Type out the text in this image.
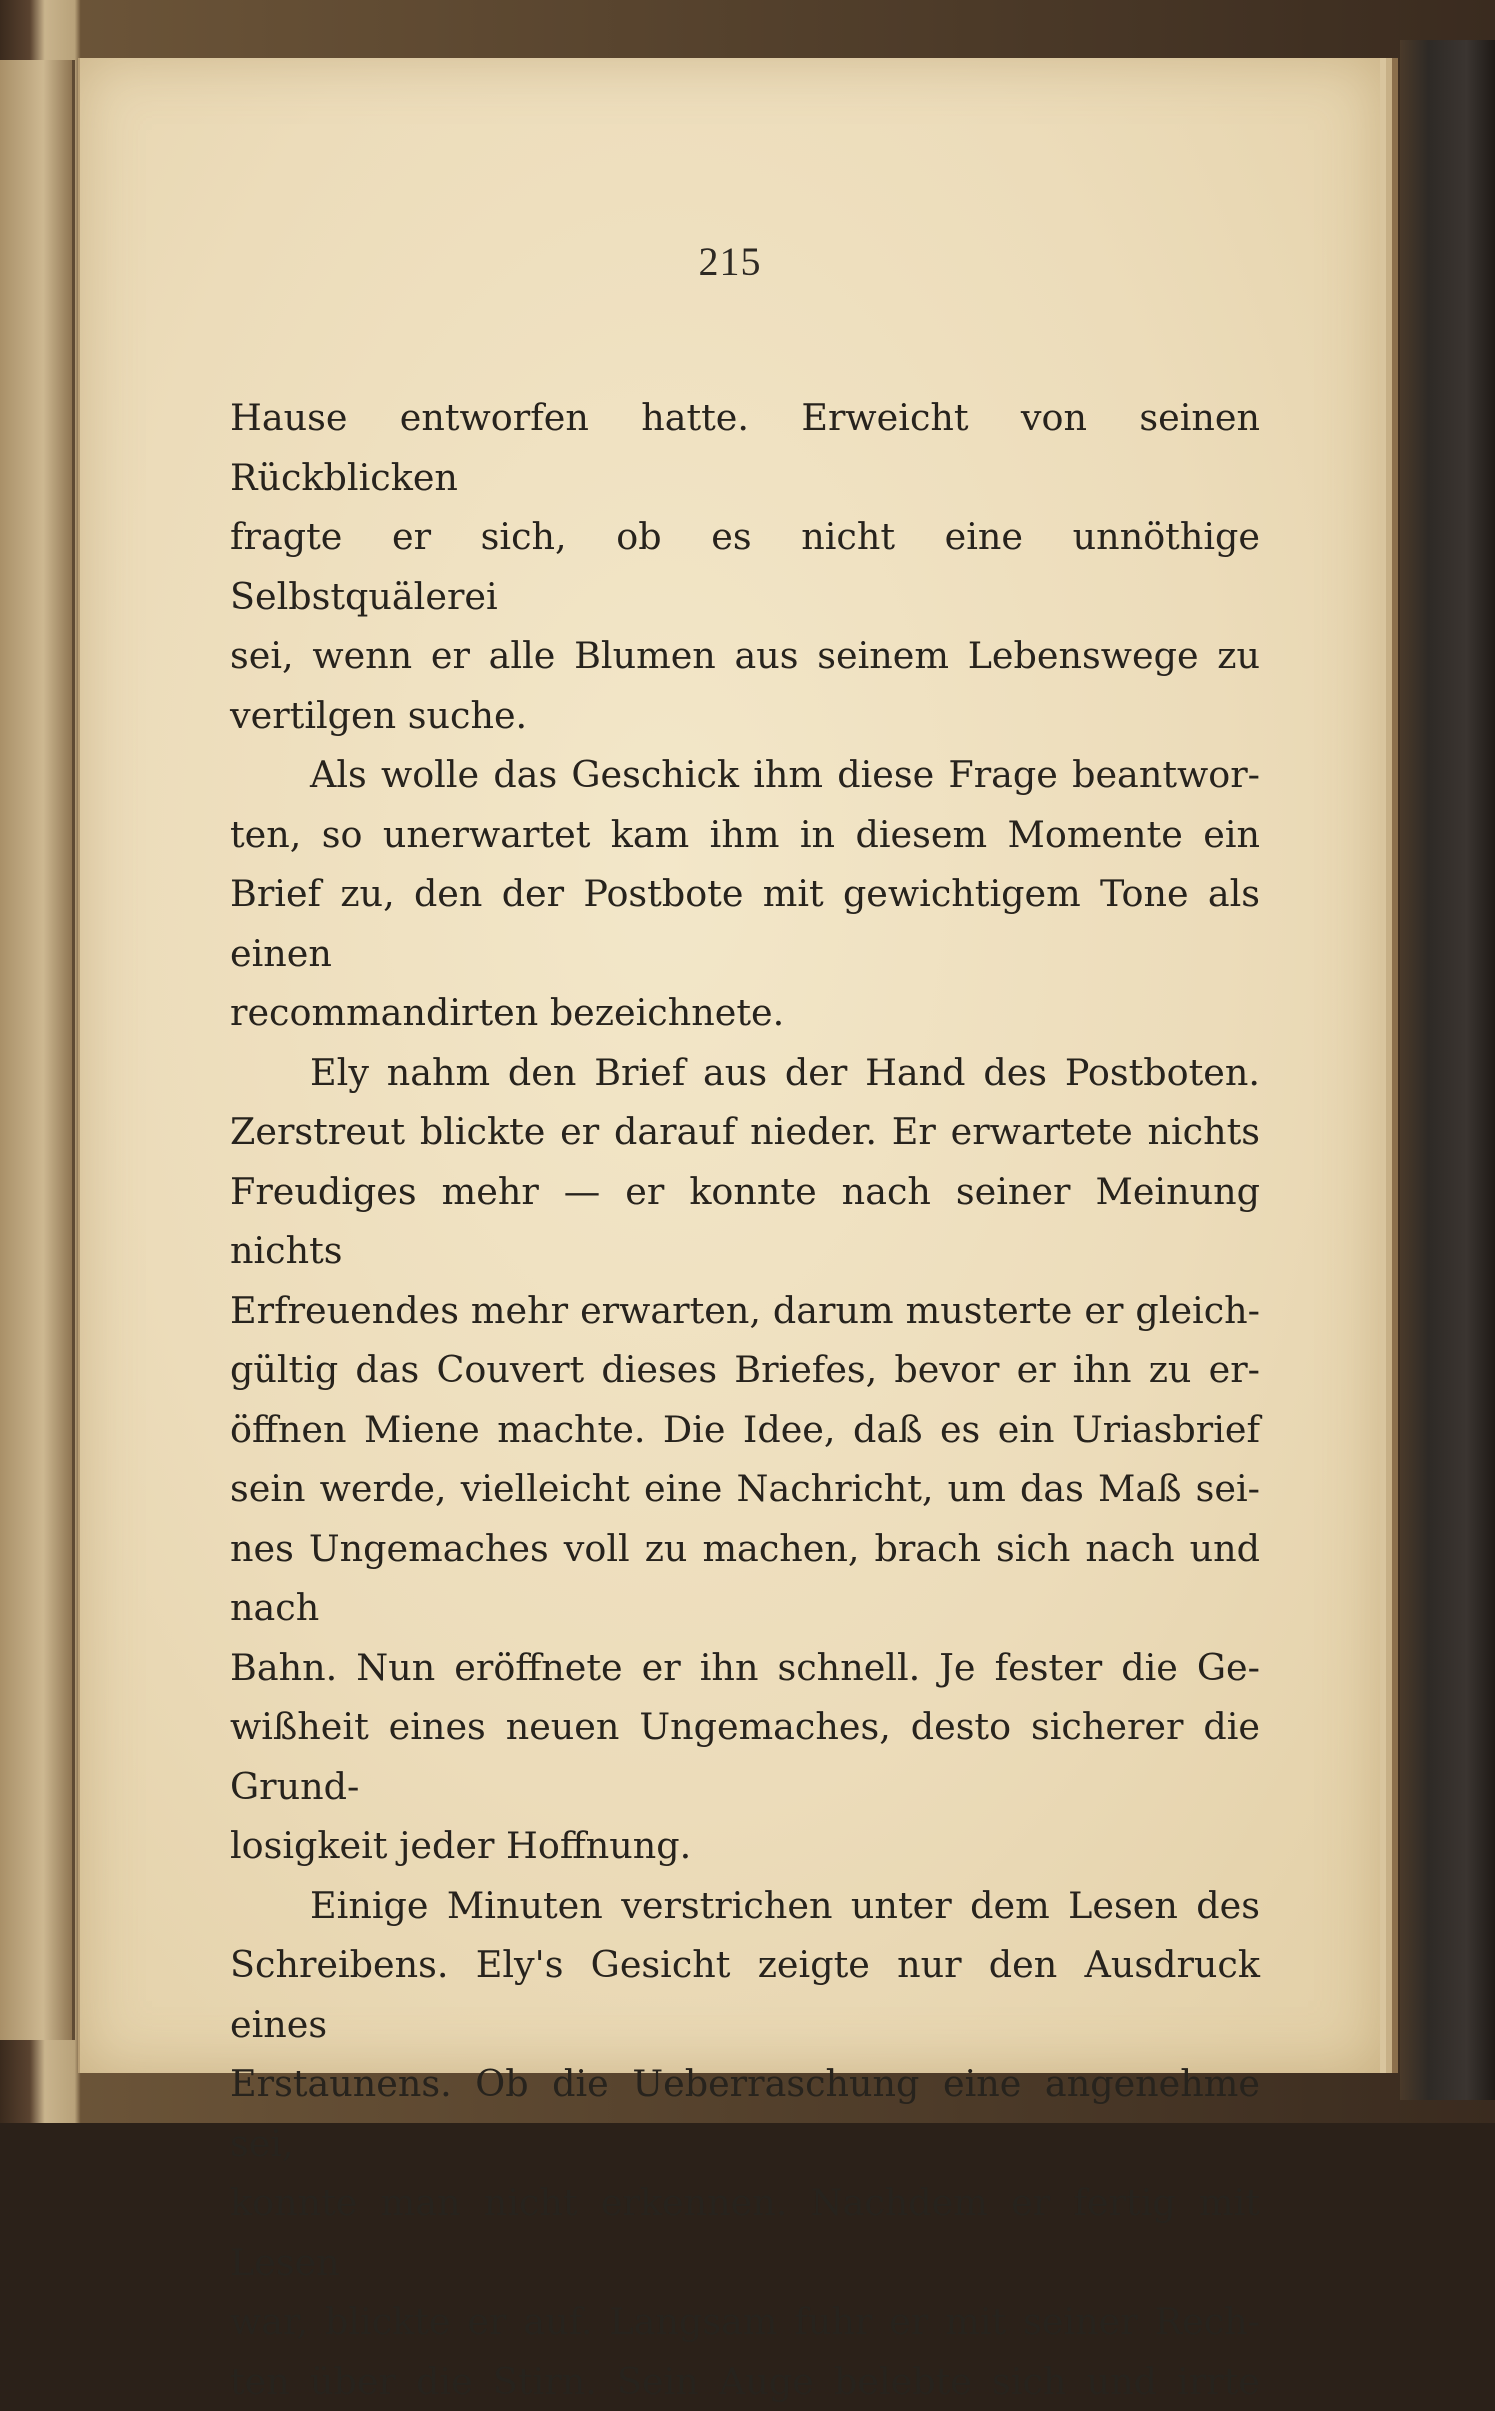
215
Hause entworfen hatte. Erweicht von seinen Rückblicken
fragte er sich, ob es nicht eine unnöthige Selbstquälerei
sei, wenn er alle Blumen aus seinem Lebenswege zu
vertilgen suche.
Als wolle das Geschick ihm diese Frage beantwor-
ten, so unerwartet kam ihm in diesem Momente ein
Brief zu, den der Postbote mit gewichtigem Tone als einen
recommandirten bezeichnete.
Ely nahm den Brief aus der Hand des Postboten.
Zerstreut blickte er darauf nieder. Er erwartete nichts
Freudiges mehr — er konnte nach seiner Meinung nichts
Erfreuendes mehr erwarten, darum musterte er gleich-
gültig das Couvert dieses Briefes, bevor er ihn zu er-
öffnen Miene machte. Die Idee, daß es ein Uriasbrief
sein werde, vielleicht eine Nachricht, um das Maß sei-
nes Ungemaches voll zu machen, brach sich nach und nach
Bahn. Nun eröffnete er ihn schnell. Je fester die Ge-
wißheit eines neuen Ungemaches, desto sicherer die Grund-
losigkeit jeder Hoffnung.
Einige Minuten verstrichen unter dem Lesen des
Schreibens. Ely's Gesicht zeigte nur den Ausdruck eines
Erstaunens. Ob die Ueberraschung eine angenehme sei,
konnte man nicht erkennen. Nachdem er fertig mit Lesen
war, blickte er auf. Langsam fuhr er mit seiner Rech-
ten über die Stirn. Sein Auge belebte sich und irrte
